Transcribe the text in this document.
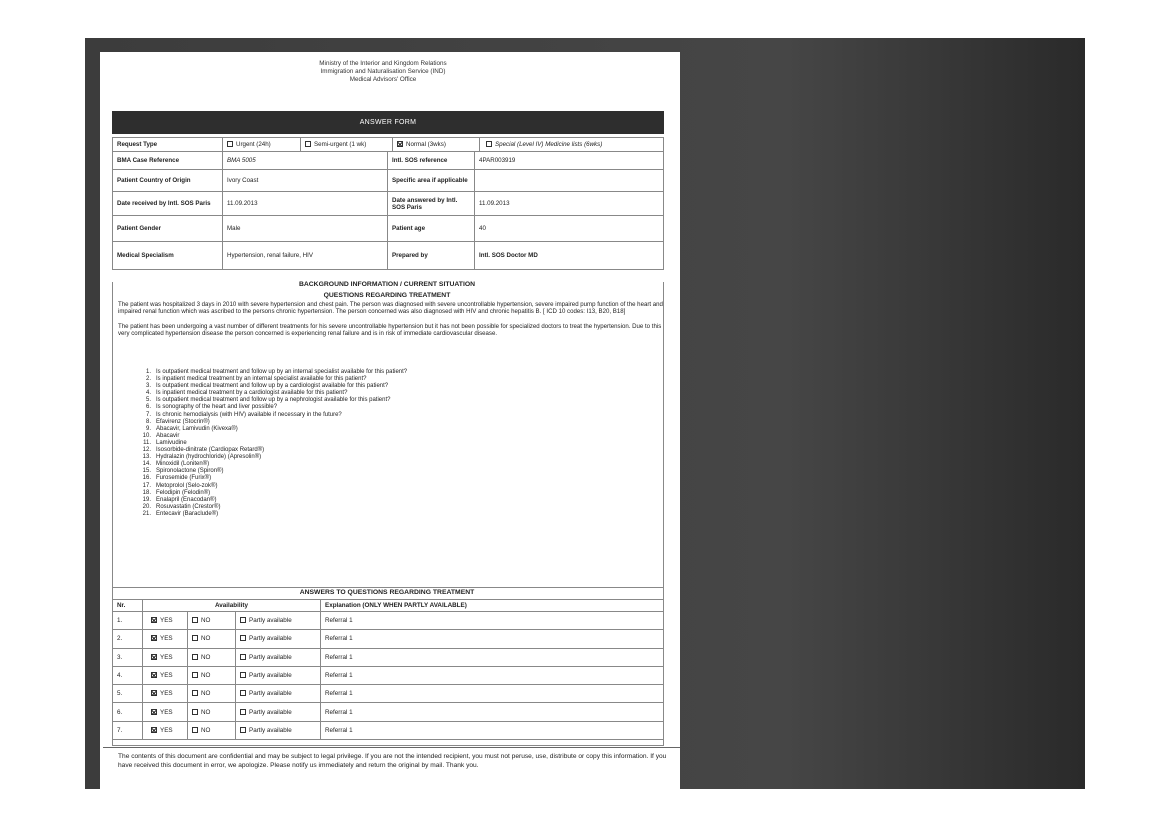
Ministry of the Interior and Kingdom Relations
Immigration and Naturalisation Service (IND)
Medical Advisors' Office
ANSWER FORM
Request Type	Urgent (24h) Semi-urgent (1 wk) Normal (3wks) Special (Level IV) Medicine lists (6wks)		

BMA Case Reference	BMA 5005	Intl. SOS reference	4PAR003919
Patient Country of Origin	Ivory Coast	Specific area if applicable	
Date received by Intl. SOS Paris	11.09.2013	Date answered by Intl. SOS Paris	11.09.2013
Patient Gender	Male	Patient age	40
Medical Specialism	Hypertension, renal failure, HIV	Prepared by	Intl. SOS Doctor MD
BACKGROUND INFORMATION / CURRENT SITUATION
QUESTIONS REGARDING TREATMENT

The patient was hospitalized 3 days in 2010 with severe hypertension and chest pain. The person was diagnosed with severe uncontrollable hypertension, severe impaired pump function of the heart and impaired renal function which was ascribed to the persons chronic hypertension. The person concerned was also diagnosed with HIV and chronic hepatitis B. [ ICD 10 codes: I13, B20, B18]

The patient has been undergoing a vast number of different treatments for his severe uncontrollable hypertension but it has not been possible for specialized doctors to treat the hypertension. Due to this very complicated hypertension disease the person concerned is experiencing renal failure and is in risk of immediate cardiovascular disease.

1. Is outpatient medical treatment and follow up by an internal specialist available for this patient?
2. Is inpatient medical treatment by an internal specialist available for this patient?
3. Is outpatient medical treatment and follow up by a cardiologist available for this patient?
4. Is inpatient medical treatment by a cardiologist available for this patient?
5. Is outpatient medical treatment and follow up by a nephrologist available for this patient?
6. Is sonography of the heart and liver possible?
7. Is chronic hemodialysis (with HIV) available if necessary in the future?
8. Efavirenz (Stocrin®)
9. Abacavir, Lamivudin (Kivexa®)
10. Abacavir
11. Lamivudine
12. Isosorbide-dinitrate (Cardiopax Retard®)
13. Hydralazin (hydrochloride) (Apresolin®)
14. Minoxidil (Loniten®)
15. Spironolactone (Spiron®)
16. Furosemide (Furix®)
17. Metoprolol (Selo-zok®)
18. Felodipin (Felodin®)
19. Enalapril (Enacodan®)
20. Rosuvastatin (Crestor®)
21. Entecavir (Baraclude®)
ANSWERS TO QUESTIONS REGARDING TREATMENT
Nr.	Availability			Explanation (ONLY WHEN PARTLY AVAILABLE)
1.	YES	NO	Partly available	Referral 1
2.	YES	NO	Partly available	Referral 1
3.	YES	NO	Partly available	Referral 1
4.	YES	NO	Partly available	Referral 1
5.	YES	NO	Partly available	Referral 1
6.	YES	NO	Partly available	Referral 1
7.	YES	NO	Partly available	Referral 1
The contents of this document are confidential and may be subject to legal privilege. If you are not the intended recipient, you must not peruse, use, distribute or copy this information. If you have received this document in error, we apologize. Please notify us immediately and return the original by mail. Thank you.
